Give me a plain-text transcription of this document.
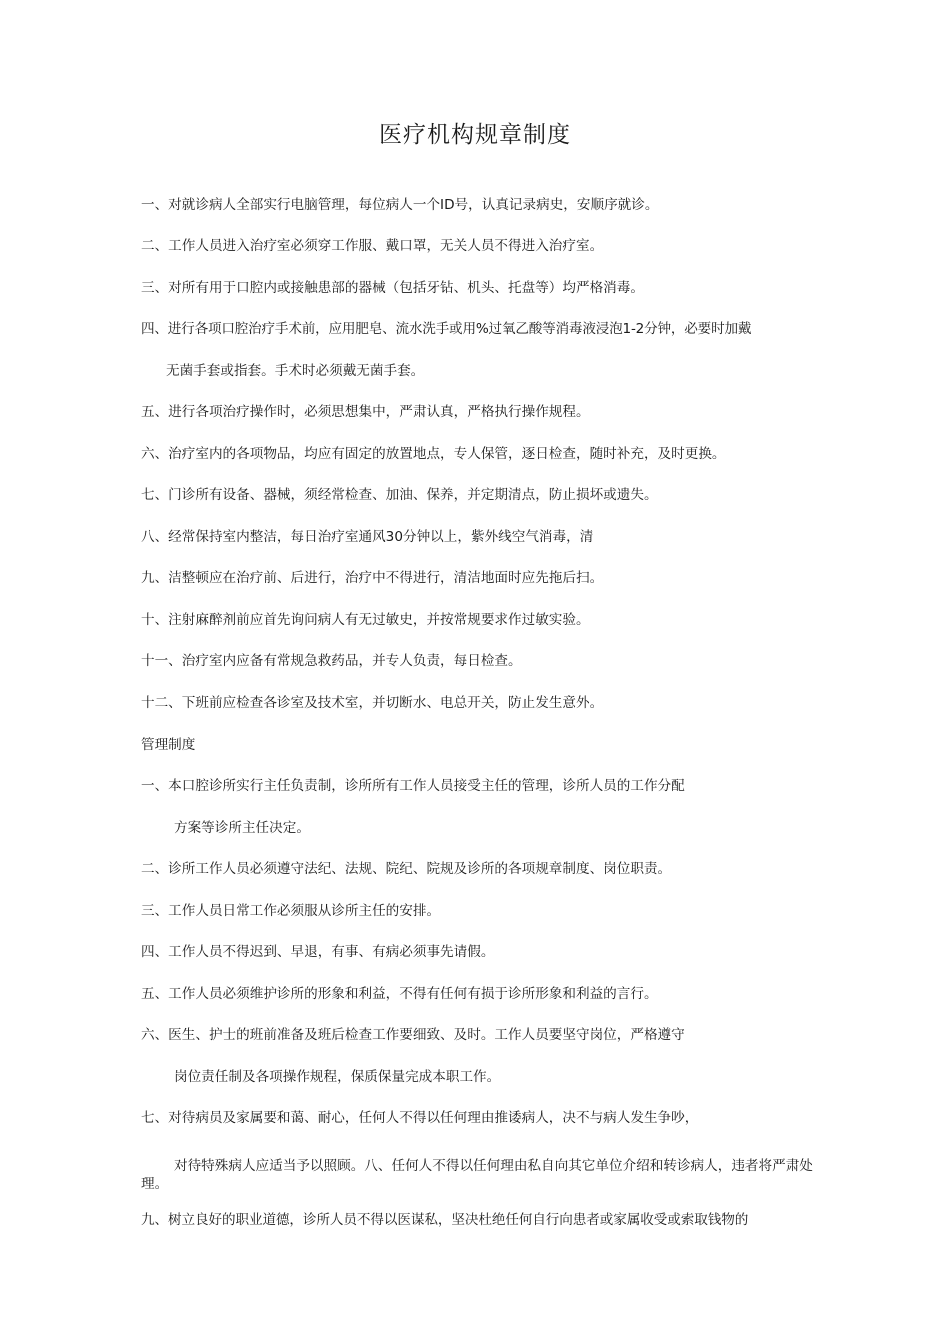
医疗机构规章制度
一、对就诊病人全部实行电脑管理，每位病人一个ID号，认真记录病史，安顺序就诊。
二、工作人员进入治疗室必须穿工作服、戴口罩，无关人员不得进入治疗室。
三、对所有用于口腔内或接触患部的器械（包括牙钻、机头、托盘等）均严格消毒。
四、进行各项口腔治疗手术前，应用肥皂、流水洗手或用%过氧乙酸等消毒液浸泡1-2分钟，必要时加戴
无菌手套或指套。手术时必须戴无菌手套。
五、进行各项治疗操作时，必须思想集中，严肃认真，严格执行操作规程。
六、治疗室内的各项物品，均应有固定的放置地点，专人保管，逐日检查，随时补充，及时更换。
七、门诊所有设备、器械，须经常检查、加油、保养，并定期清点，防止损坏或遗失。
八、经常保持室内整洁，每日治疗室通风30分钟以上，紫外线空气消毒，清
九、洁整顿应在治疗前、后进行，治疗中不得进行，清洁地面时应先拖后扫。
十、注射麻醉剂前应首先询问病人有无过敏史，并按常规要求作过敏实验。
十一、治疗室内应备有常规急救药品，并专人负责，每日检查。
十二、下班前应检查各诊室及技术室，并切断水、电总开关，防止发生意外。
管理制度
一、本口腔诊所实行主任负责制，诊所所有工作人员接受主任的管理，诊所人员的工作分配
方案等诊所主任决定。
二、诊所工作人员必须遵守法纪、法规、院纪、院规及诊所的各项规章制度、岗位职责。
三、工作人员日常工作必须服从诊所主任的安排。
四、工作人员不得迟到、早退，有事、有病必须事先请假。
五、工作人员必须维护诊所的形象和利益，不得有任何有损于诊所形象和利益的言行。
六、医生、护士的班前准备及班后检查工作要细致、及时。工作人员要坚守岗位，严格遵守
岗位责任制及各项操作规程，保质保量完成本职工作。
七、对待病员及家属要和蔼、耐心，任何人不得以任何理由推诿病人，决不与病人发生争吵，
对待特殊病人应适当予以照顾。八、任何人不得以任何理由私自向其它单位介绍和转诊病人，违者将严肃处理。
九、树立良好的职业道德，诊所人员不得以医谋私，坚决杜绝任何自行向患者或家属收受或索取钱物的
